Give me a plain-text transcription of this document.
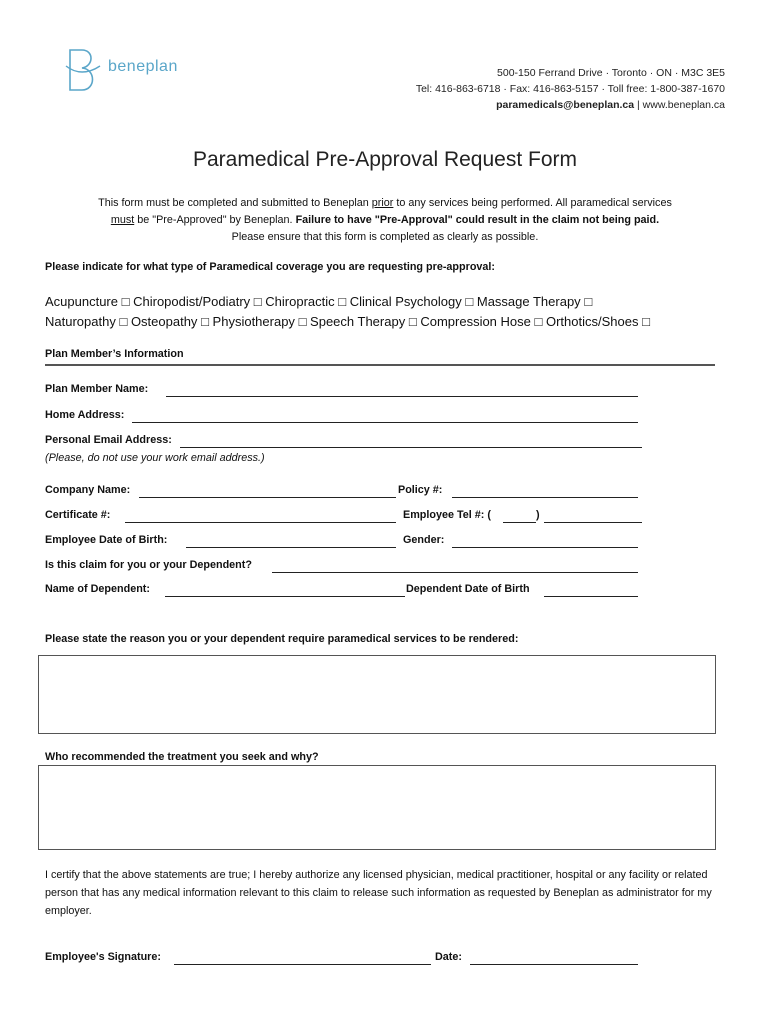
beneplan	500-150 Ferrand Drive · Toronto · ON · M3C 3E5
Tel: 416-863-6718 · Fax: 416-863-5157 · Toll free: 1-800-387-1670
paramedicals@beneplan.ca | www.beneplan.ca
Paramedical Pre-Approval Request Form
This form must be completed and submitted to Beneplan prior to any services being performed. All paramedical services
must be "Pre-Approved" by Beneplan. Failure to have "Pre-Approval" could result in the claim not being paid.
Please ensure that this form is completed as clearly as possible.
Please indicate for what type of Paramedical coverage you are requesting pre-approval:
Acupuncture □ Chiropodist/Podiatry □ Chiropractic □ Clinical Psychology □ Massage Therapy □
Naturopathy □ Osteopathy □ Physiotherapy □ Speech Therapy □ Compression Hose □ Orthotics/Shoes □
Plan Member’s Information
Plan Member Name:
Home Address:
Personal Email Address:
(Please, do not use your work email address.)
Company Name:	Policy #:
Certificate #:	Employee Tel #: (	)
Employee Date of Birth:	Gender:
Is this claim for you or your Dependent?
Name of Dependent:	Dependent Date of Birth
Please state the reason you or your dependent require paramedical services to be rendered:
Who recommended the treatment you seek and why?
I certify that the above statements are true; I hereby authorize any licensed physician, medical practitioner, hospital or any facility or related person that has any medical information relevant to this claim to release such information as requested by Beneplan as administrator for my employer.
Employee's Signature:	Date:
